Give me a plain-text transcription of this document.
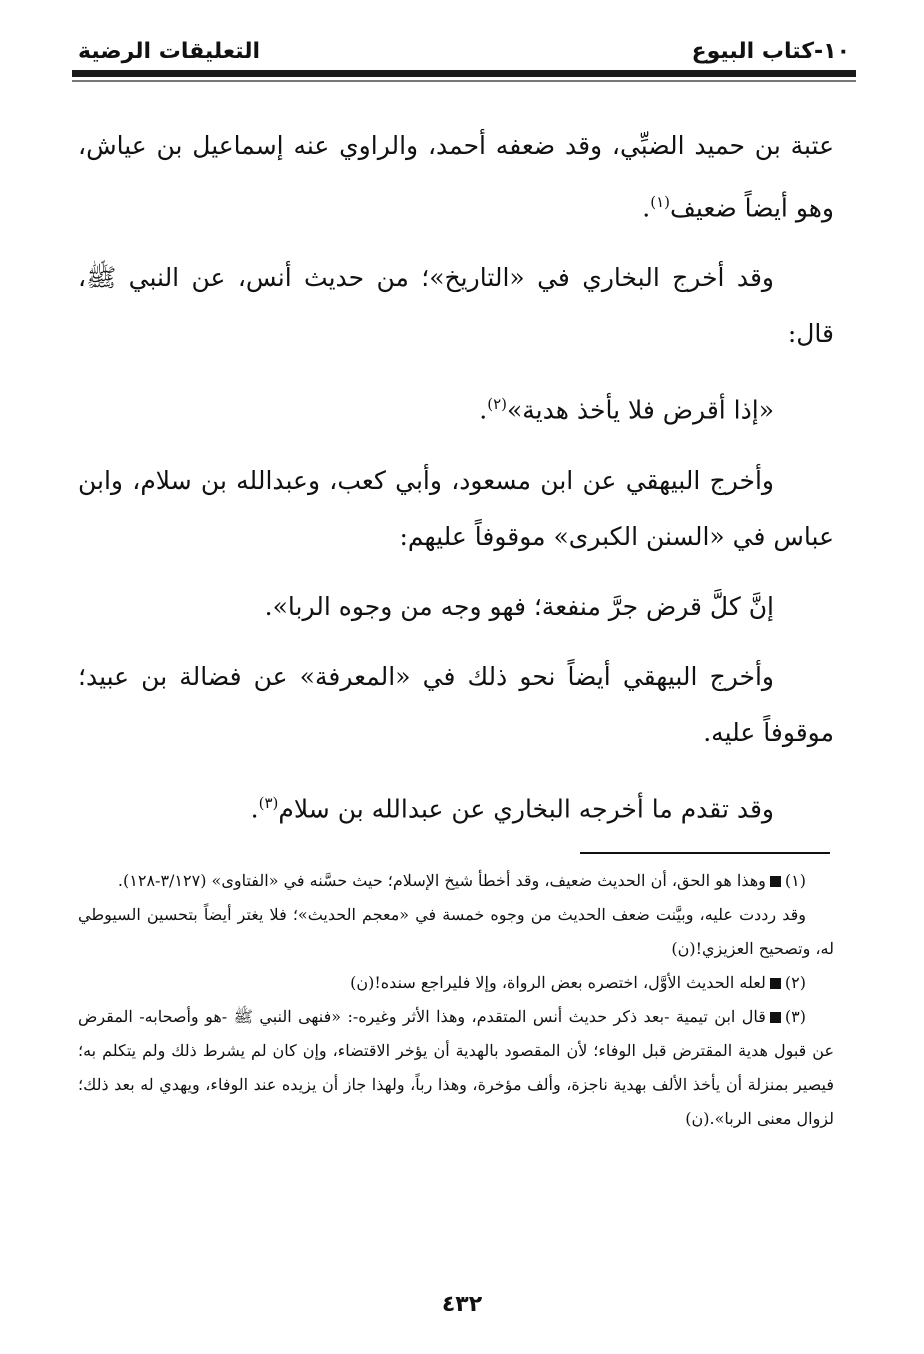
١٠-كتاب البيوع
التعليقات الرضية

عتبة بن حميد الضبِّي، وقد ضعفه أحمد، والراوي عنه إسماعيل بن عياش، وهو أيضاً ضعيف$^{(١)}$.

وقد أخرج البخاري في «التاريخ»؛ من حديث أنس، عن النبي ﷺ، قال:

«إذا أقرض فلا يأخذ هدية»$^{(٢)}$.

وأخرج البيهقي عن ابن مسعود، وأبي كعب، وعبدالله بن سلام، وابن عباس في «السنن الكبرى» موقوفاً عليهم:

إنَّ كلَّ قرض جرَّ منفعة؛ فهو وجه من وجوه الربا».

وأخرج البيهقي أيضاً نحو ذلك في «المعرفة» عن فضالة بن عبيد؛ موقوفاً عليه.

وقد تقدم ما أخرجه البخاري عن عبدالله بن سلام$^{(٣)}$.

(١)وهذا هو الحق، أن الحديث ضعيف، وقد أخطأ شيخ الإسلام؛ حيث حسَّنه في «الفتاوى» (٣/١٢٧-١٢٨).

وقد رددت عليه، وبيَّنت ضعف الحديث من وجوه خمسة في «معجم الحديث»؛ فلا يغتر أيضاً بتحسين السيوطي له، وتصحيح العزيزي!(ن)

(٢)لعله الحديث الأوَّل، اختصره بعض الرواة، وإلا فليراجع سنده!(ن)

(٣)قال ابن تيمية -بعد ذكر حديث أنس المتقدم، وهذا الأثر وغيره-: «فنهى النبي ﷺ -هو وأصحابه- المقرض عن قبول هدية المقترض قبل الوفاء؛ لأن المقصود بالهدية أن يؤخر الاقتضاء، وإن كان لم يشرط ذلك ولم يتكلم به؛ فيصير بمنزلة أن يأخذ الألف بهدية ناجزة، وألف مؤخرة، وهذا رباً، ولهذا جاز أن يزيده عند الوفاء، ويهدي له بعد ذلك؛ لزوال معنى الربا».(ن)

٤٣٢
